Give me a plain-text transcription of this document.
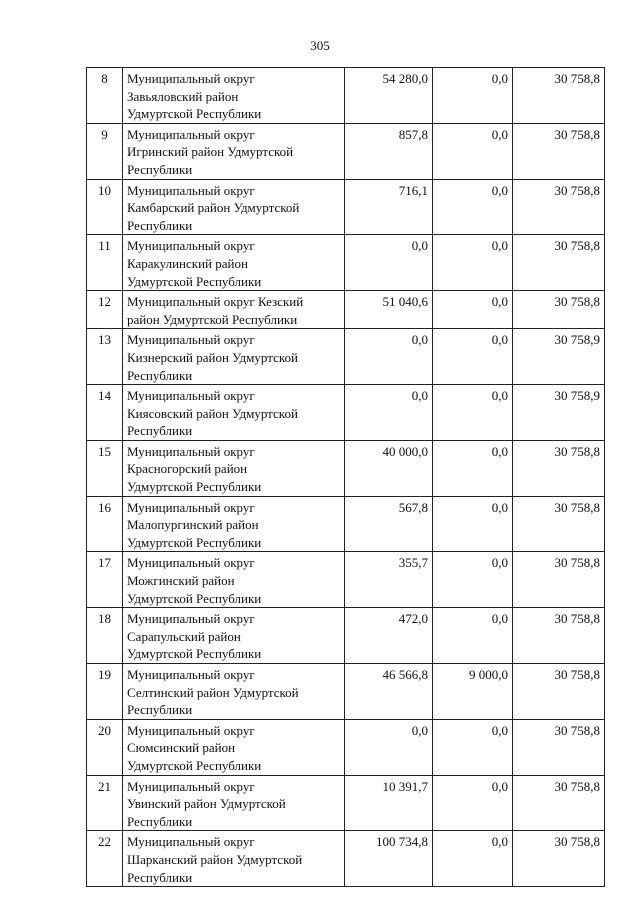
305
8	Муниципальный округ
Завьяловский район
Удмуртской Республики	54 280,0	0,0	30 758,8
9	Муниципальный округ
Игринский район Удмуртской
Республики	857,8	0,0	30 758,8
10	Муниципальный округ
Камбарский район Удмуртской
Республики	716,1	0,0	30 758,8
11	Муниципальный округ
Каракулинский район
Удмуртской Республики	0,0	0,0	30 758,8
12	Муниципальный округ Кезский
район Удмуртской Республики	51 040,6	0,0	30 758,8
13	Муниципальный округ
Кизнерский район Удмуртской
Республики	0,0	0,0	30 758,9
14	Муниципальный округ
Киясовский район Удмуртской
Республики	0,0	0,0	30 758,9
15	Муниципальный округ
Красногорский район
Удмуртской Республики	40 000,0	0,0	30 758,8
16	Муниципальный округ
Малопургинский район
Удмуртской Республики	567,8	0,0	30 758,8
17	Муниципальный округ
Можгинский район
Удмуртской Республики	355,7	0,0	30 758,8
18	Муниципальный округ
Сарапульский район
Удмуртской Республики	472,0	0,0	30 758,8
19	Муниципальный округ
Селтинский район Удмуртской
Республики	46 566,8	9 000,0	30 758,8
20	Муниципальный округ
Сюмсинский район
Удмуртской Республики	0,0	0,0	30 758,8
21	Муниципальный округ
Увинский район Удмуртской
Республики	10 391,7	0,0	30 758,8
22	Муниципальный округ
Шарканский район Удмуртской
Республики	100 734,8	0,0	30 758,8
